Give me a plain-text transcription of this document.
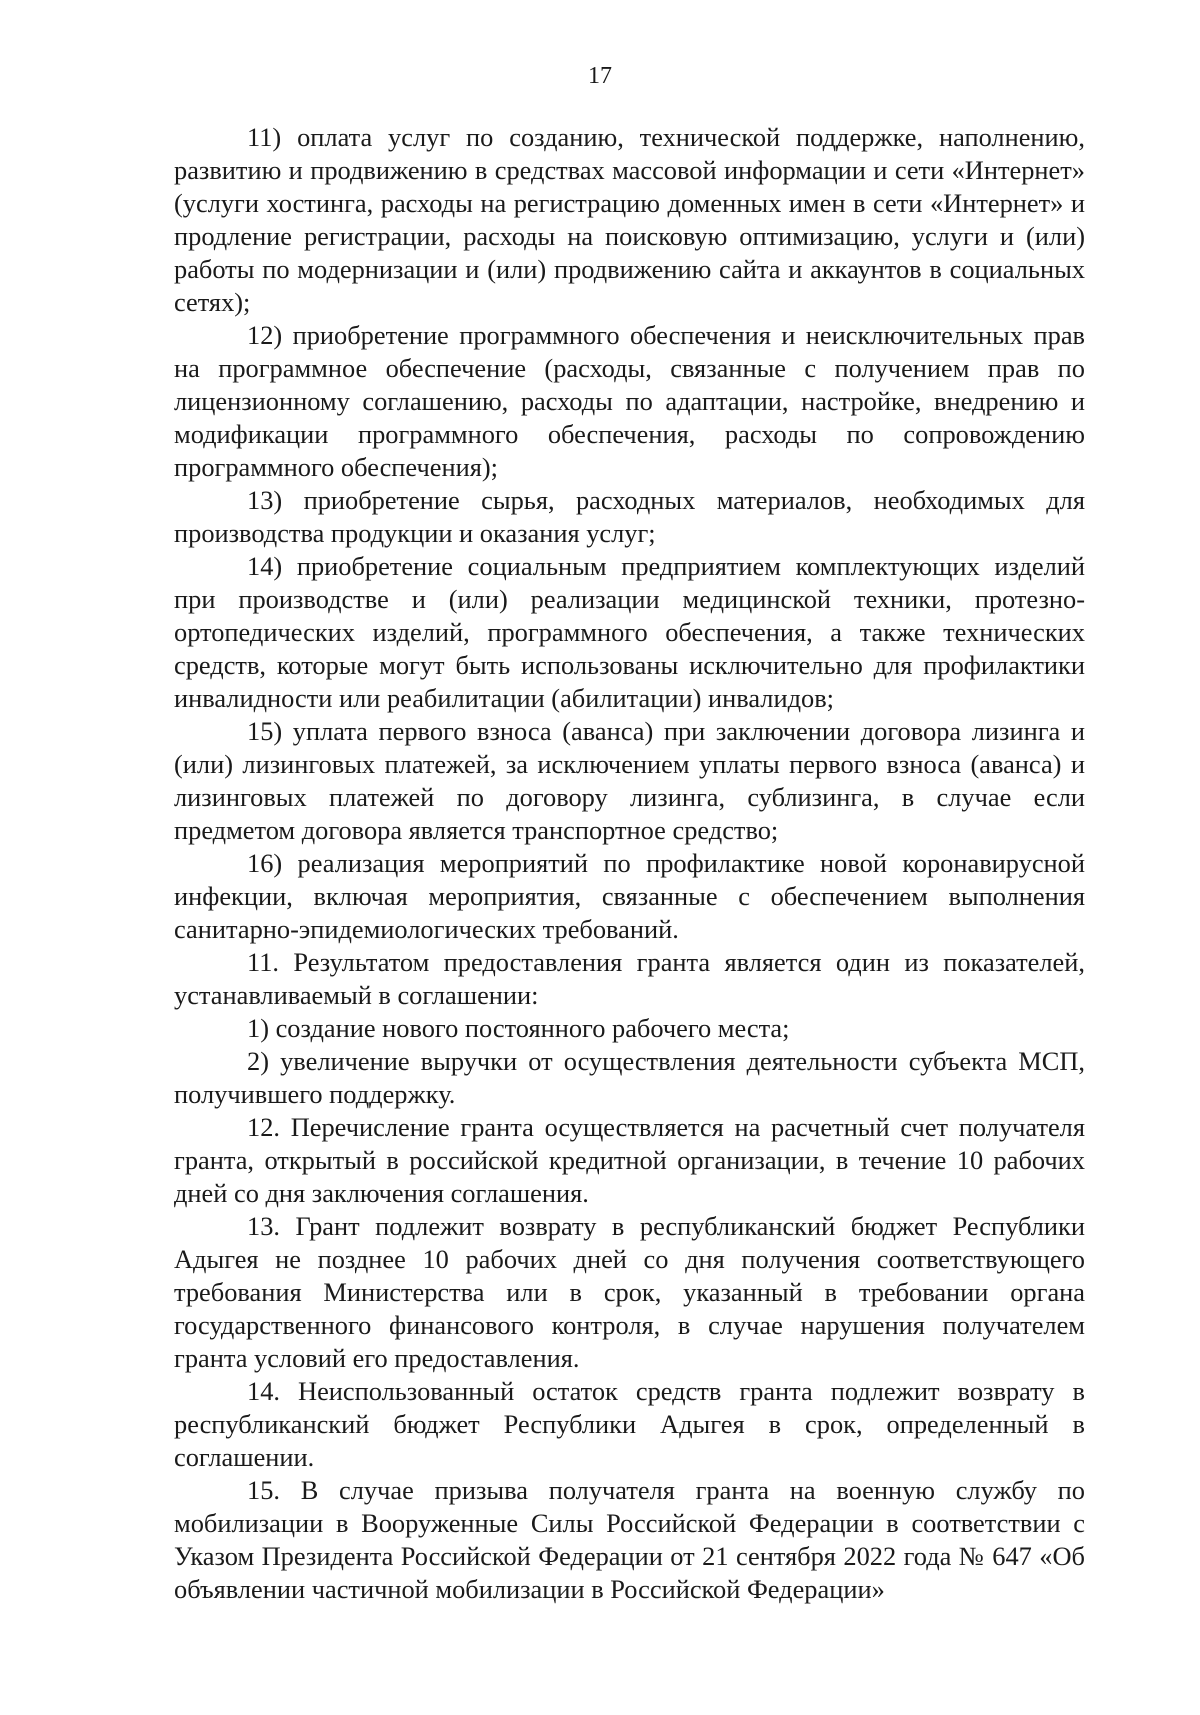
17

11) оплата услуг по созданию, технической поддержке, наполнению, развитию и продвижению в средствах массовой информации и сети «Интернет» (услуги хостинга, расходы на регистрацию доменных имен в сети «Интернет» и продление регистрации, расходы на поисковую оптимизацию, услуги и (или) работы по модернизации и (или) продвижению сайта и аккаунтов в социальных сетях);

12) приобретение программного обеспечения и неисключительных прав на программное обеспечение (расходы, связанные с получением прав по лицензионному соглашению, расходы по адаптации, настройке, внедрению и модификации программного обеспечения, расходы по сопровождению программного обеспечения);

13) приобретение сырья, расходных материалов, необходимых для производства продукции и оказания услуг;

14) приобретение социальным предприятием комплектующих изделий при производстве и (или) реализации медицинской техники, протезно-ортопедических изделий, программного обеспечения, а также технических средств, которые могут быть использованы исключительно для профилактики инвалидности или реабилитации (абилитации) инвалидов;

15) уплата первого взноса (аванса) при заключении договора лизинга и (или) лизинговых платежей, за исключением уплаты первого взноса (аванса) и лизинговых платежей по договору лизинга, сублизинга, в случае если предметом договора является транспортное средство;

16) реализация мероприятий по профилактике новой коронавирусной инфекции, включая мероприятия, связанные с обеспечением выполнения санитарно-эпидемиологических требований.

11. Результатом предоставления гранта является один из показателей, устанавливаемый в соглашении:

1) создание нового постоянного рабочего места;

2) увеличение выручки от осуществления деятельности субъекта МСП, получившего поддержку.

12. Перечисление гранта осуществляется на расчетный счет получателя гранта, открытый в российской кредитной организации, в течение 10 рабочих дней со дня заключения соглашения.

13. Грант подлежит возврату в республиканский бюджет Республики Адыгея не позднее 10 рабочих дней со дня получения соответствующего требования Министерства или в срок, указанный в требовании органа государственного финансового контроля, в случае нарушения получателем гранта условий его предоставления.

14. Неиспользованный остаток средств гранта подлежит возврату в республиканский бюджет Республики Адыгея в срок, определенный в соглашении.

15. В случае призыва получателя гранта на военную службу по мобилизации в Вооруженные Силы Российской Федерации в соответствии с Указом Президента Российской Федерации от 21 сентября 2022 года № 647 «Об объявлении частичной мобилизации в Российской Федерации»
